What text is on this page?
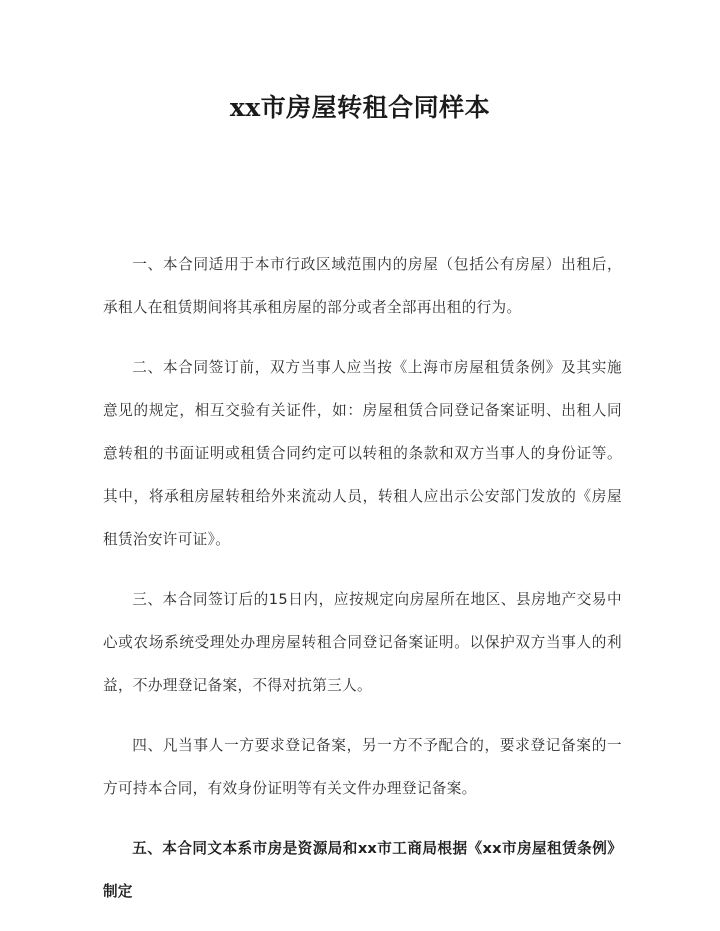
xx市房屋转租合同样本

一、本合同适用于本市行政区域范围内的房屋（包括公有房屋）出租后，承租人在租赁期间将其承租房屋的部分或者全部再出租的行为。

二、本合同签订前，双方当事人应当按《上海市房屋租赁条例》及其实施意见的规定，相互交验有关证件，如：房屋租赁合同登记备案证明、出租人同意转租的书面证明或租赁合同约定可以转租的条款和双方当事人的身份证等。其中，将承租房屋转租给外来流动人员，转租人应出示公安部门发放的《房屋租赁治安许可证》。

三、本合同签订后的15日内，应按规定向房屋所在地区、县房地产交易中心或农场系统受理处办理房屋转租合同登记备案证明。以保护双方当事人的利益，不办理登记备案，不得对抗第三人。

四、凡当事人一方要求登记备案，另一方不予配合的，要求登记备案的一方可持本合同，有效身份证明等有关文件办理登记备案。

五、本合同文本系市房是资源局和xx市工商局根据《xx市房屋租赁条例》制定
